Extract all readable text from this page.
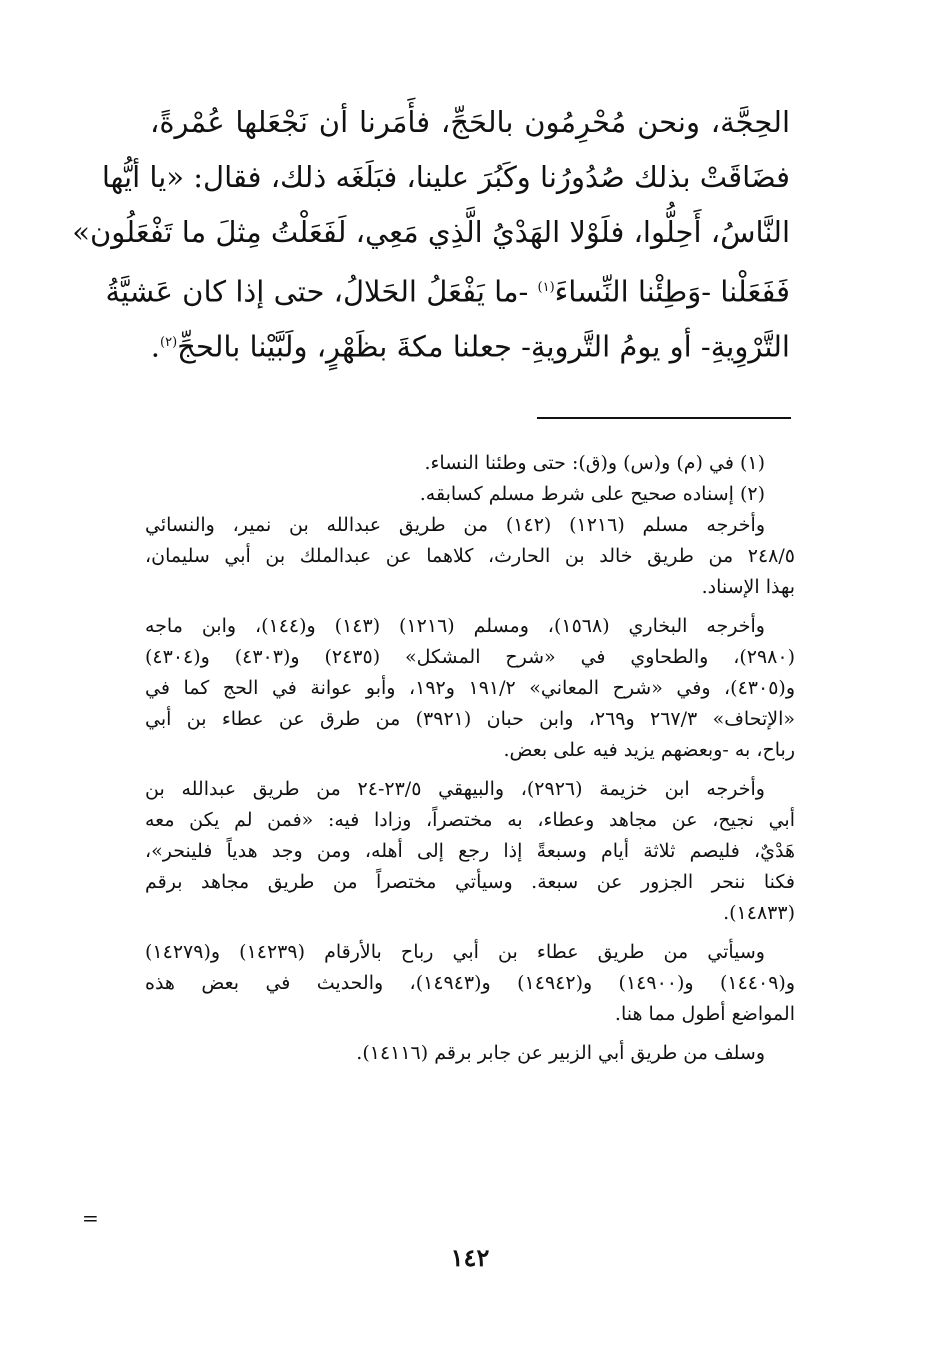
الحِجَّة، ونحن مُحْرِمُون بالحَجِّ، فأَمَرنا أن نَجْعَلها عُمْرةً،
فضَاقَتْ بذلك صُدُورُنا وكَبُرَ علينا، فبَلَغَه ذلك، فقال: «يا أيُّها
النَّاسُ، أَحِلُّوا، فلَوْلا الهَدْيُ الَّذِي مَعِي، لَفَعَلْتُ مِثلَ ما تَفْعَلُون»
فَفَعَلْنا -وَطِئْنا النِّساءَ$^{(١)}$ -ما يَفْعَلُ الحَلالُ، حتى إذا كان عَشيَّةُ
التَّرْوِيةِ- أو يومُ التَّرويةِ- جعلنا مكةَ بظَهْرٍ، ولَبَّيْنا بالحجِّ$^{(٢)}$.
(١) في (م) و(س) و(ق): حتى وطئنا النساء.
(٢) إسناده صحيح على شرط مسلم كسابقه.
وأخرجه مسلم (١٢١٦) (١٤٢) من طريق عبدالله بن نمير، والنسائي
٢٤٨/٥ من طريق خالد بن الحارث، كلاهما عن عبدالملك بن أبي سليمان،
بهذا الإسناد.
وأخرجه البخاري (١٥٦٨)، ومسلم (١٢١٦) (١٤٣) و(١٤٤)، وابن ماجه
(٢٩٨٠)، والطحاوي في «شرح المشكل» (٢٤٣٥) و(٤٣٠٣) و(٤٣٠٤)
و(٤٣٠٥)، وفي «شرح المعاني» ١٩١/٢ و١٩٢، وأبو عوانة في الحج كما في
«الإتحاف» ٢٦٧/٣ و٢٦٩، وابن حبان (٣٩٢١) من طرق عن عطاء بن أبي
رباح، به -وبعضهم يزيد فيه على بعض.
وأخرجه ابن خزيمة (٢٩٢٦)، والبيهقي ٢٣/٥-٢٤ من طريق عبدالله بن
أبي نجيح، عن مجاهد وعطاء، به مختصراً، وزادا فيه: «فمن لم يكن معه
هَدْيٌ، فليصم ثلاثة أيام وسبعةً إذا رجع إلى أهله، ومن وجد هدياً فلينحر»،
فكنا ننحر الجزور عن سبعة. وسيأتي مختصراً من طريق مجاهد برقم
(١٤٨٣٣).
وسيأتي من طريق عطاء بن أبي رباح بالأرقام (١٤٢٣٩) و(١٤٢٧٩)
و(١٤٤٠٩) و(١٤٩٠٠) و(١٤٩٤٢) و(١٤٩٤٣)، والحديث في بعض هذه
المواضع أطول مما هنا.
وسلف من طريق أبي الزبير عن جابر برقم (١٤١١٦).
=
١٤٢
